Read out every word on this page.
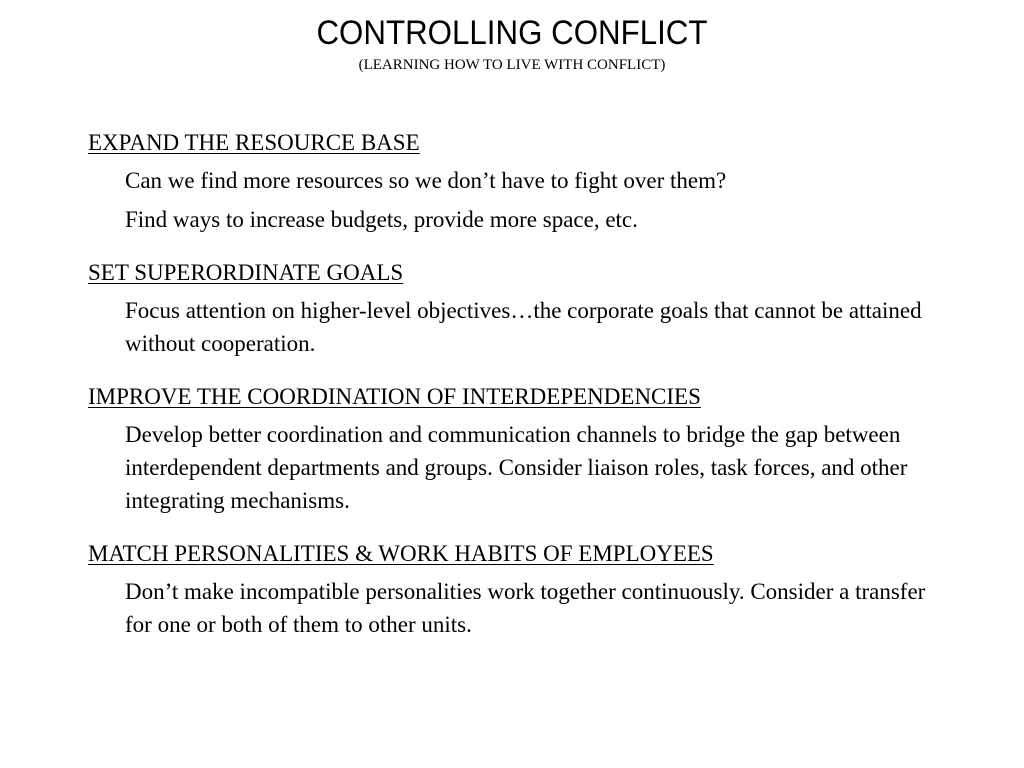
CONTROLLING CONFLICT
(LEARNING HOW TO LIVE WITH CONFLICT)
EXPAND THE RESOURCE BASE
Can we find more resources so we don’t have to fight over them?
Find ways to increase budgets, provide more space, etc.
SET SUPERORDINATE GOALS
Focus attention on higher-level objectives…the corporate goals that cannot be attained without cooperation.
IMPROVE THE COORDINATION OF INTERDEPENDENCIES
Develop better coordination and communication channels to bridge the gap between interdependent departments and groups. Consider liaison roles, task forces, and other integrating mechanisms.
MATCH PERSONALITIES & WORK HABITS OF EMPLOYEES
Don’t make incompatible personalities work together continuously. Consider a transfer for one or both of them to other units.
